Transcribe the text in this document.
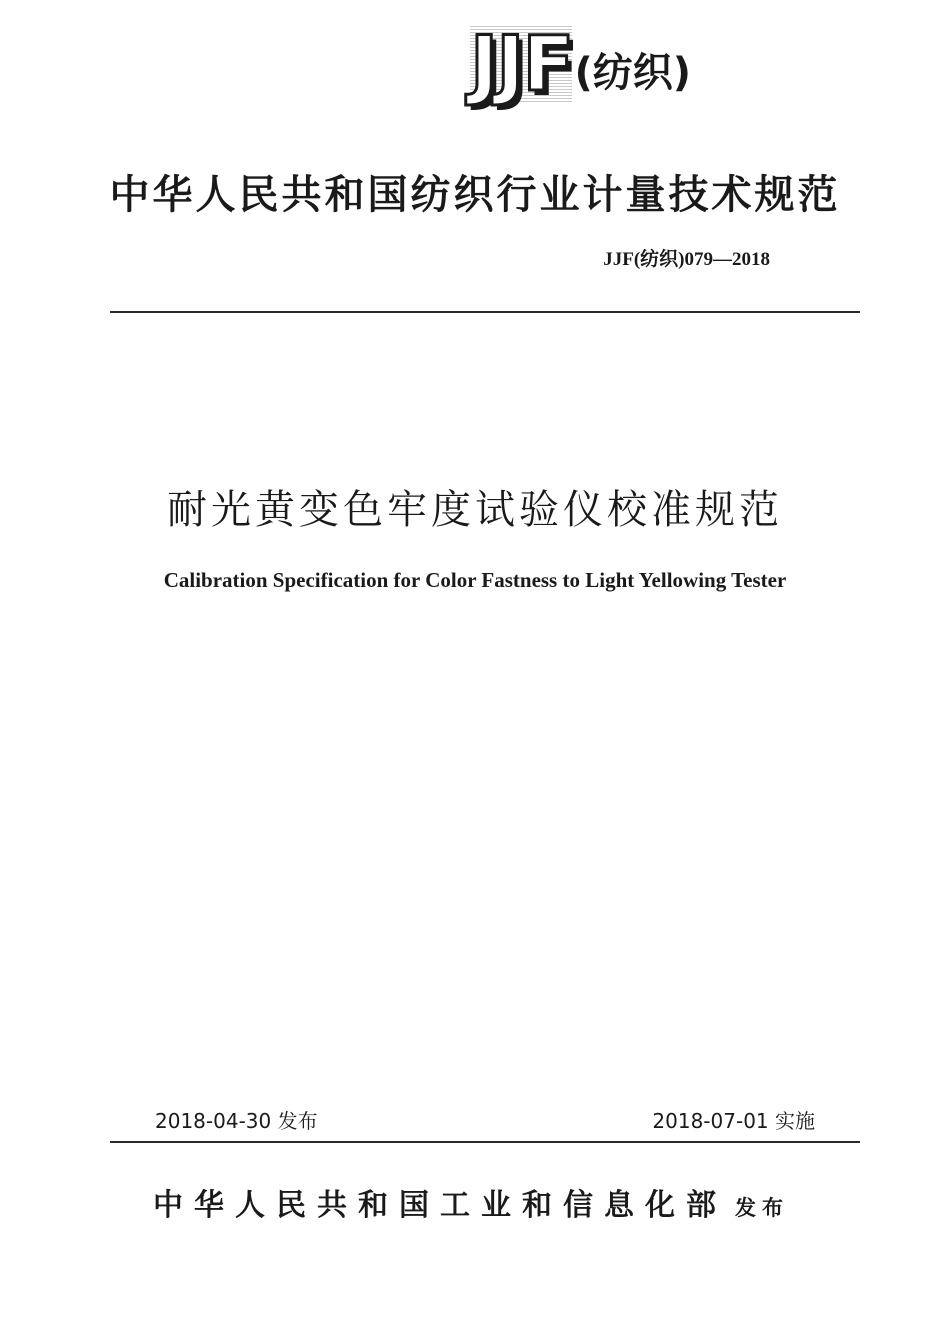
JJF (纺织)
中华人民共和国纺织行业计量技术规范
JJF(纺织)079—2018
耐光黄变色牢度试验仪校准规范
Calibration Specification for Color Fastness to Light Yellowing Tester
2018-04-30 发布	2018-07-01 实施
中华人民共和国工业和信息化部 发布
